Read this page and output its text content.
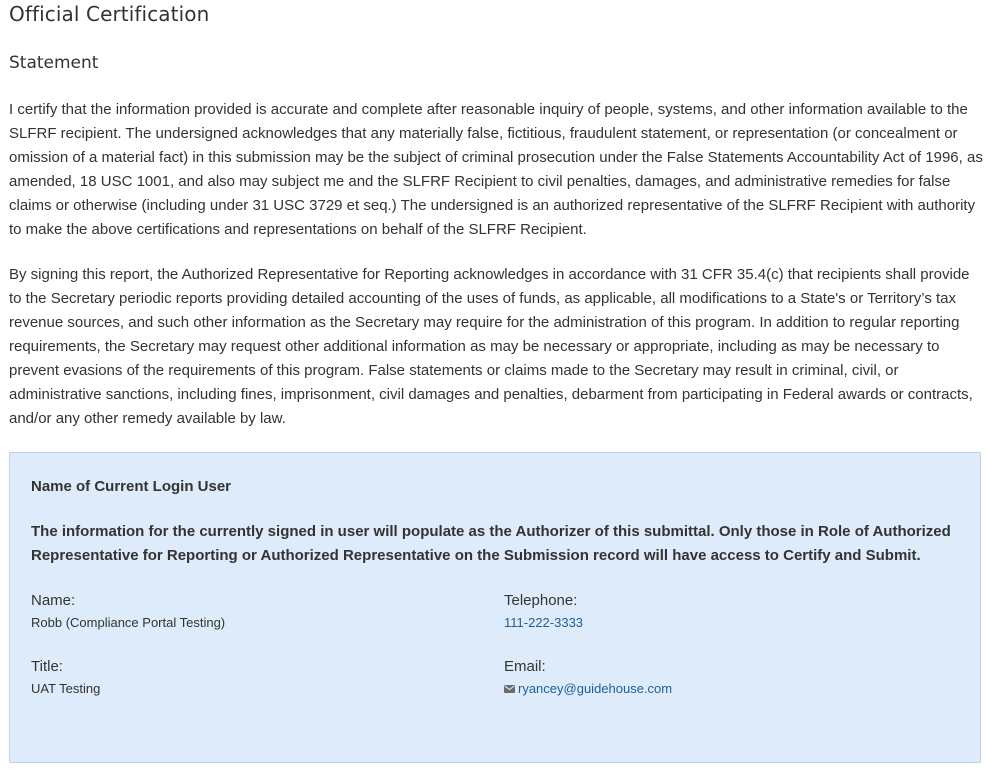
Official Certification
Statement

I certify that the information provided is accurate and complete after reasonable inquiry of people, systems, and other information available to the SLFRF recipient. The undersigned acknowledges that any materially false, fictitious, fraudulent statement, or representation (or concealment or omission of a material fact) in this submission may be the subject of criminal prosecution under the False Statements Accountability Act of 1996, as amended, 18 USC 1001, and also may subject me and the SLFRF Recipient to civil penalties, damages, and administrative remedies for false claims or otherwise (including under 31 USC 3729 et seq.) The undersigned is an authorized representative of the SLFRF Recipient with authority to make the above certifications and representations on behalf of the SLFRF Recipient.

By signing this report, the Authorized Representative for Reporting acknowledges in accordance with 31 CFR 35.4(c) that recipients shall provide to the Secretary periodic reports providing detailed accounting of the uses of funds, as applicable, all modifications to a State's or Territory’s tax revenue sources, and such other information as the Secretary may require for the administration of this program. In addition to regular reporting requirements, the Secretary may request other additional information as may be necessary or appropriate, including as may be necessary to prevent evasions of the requirements of this program. False statements or claims made to the Secretary may result in criminal, civil, or administrative sanctions, including fines, imprisonment, civil damages and penalties, debarment from participating in Federal awards or contracts, and/or any other remedy available by law.

Name of Current Login User
The information for the currently signed in user will populate as the Authorizer of this submittal. Only those in Role of Authorized Representative for Reporting or Authorized Representative on the Submission record will have access to Certify and Submit.
Name:
Robb (Compliance Portal Testing)
Telephone:
111-222-3333
Title:
UAT Testing
Email:
ryancey@guidehouse.com
